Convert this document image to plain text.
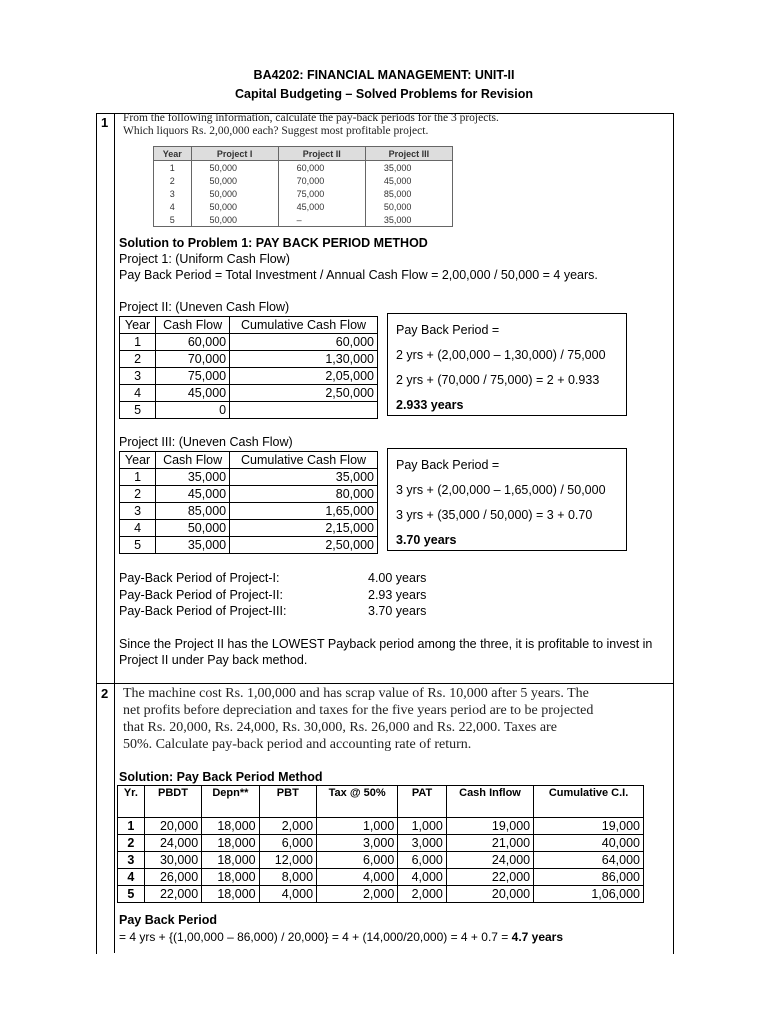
BA4202: FINANCIAL MANAGEMENT: UNIT-II
Capital Budgeting – Solved Problems for Revision
1
2
From the following information, calculate the pay-back periods for the 3 projects.
Which liquors Rs. 2,00,000 each? Suggest most profitable project.
Year	Project I	Project II	Project III
1	50,000	60,000	35,000
2	50,000	70,000	45,000
3	50,000	75,000	85,000
4	50,000	45,000	50,000
5	50,000	–	35,000
Solution to Problem 1: PAY BACK PERIOD METHOD
Project 1: (Uniform Cash Flow)
Pay Back Period = Total Investment / Annual Cash Flow = 2,00,000 / 50,000 = 4 years.
Project II: (Uneven Cash Flow)
Year	Cash Flow	Cumulative Cash Flow
1	60,000	60,000
2	70,000	1,30,000
3	75,000	2,05,000
4	45,000	2,50,000
5	0	
Pay Back Period =
2 yrs + (2,00,000 – 1,30,000) / 75,000
2 yrs + (70,000 / 75,000) = 2 + 0.933
2.933 years
Project III: (Uneven Cash Flow)
Year	Cash Flow	Cumulative Cash Flow
1	35,000	35,000
2	45,000	80,000
3	85,000	1,65,000
4	50,000	2,15,000
5	35,000	2,50,000
Pay Back Period =
3 yrs + (2,00,000 – 1,65,000) / 50,000
3 yrs + (35,000 / 50,000) = 3 + 0.70
3.70 years
Pay-Back Period of Project-I:	4.00 years
Pay-Back Period of Project-II:	2.93 years
Pay-Back Period of Project-III:	3.70 years
Since the Project II has the LOWEST Payback period among the three, it is profitable to invest in
Project II under Pay back method.
The machine cost Rs. 1,00,000 and has scrap value of Rs. 10,000 after 5 years. The
net profits before depreciation and taxes for the five years period are to be projected
that Rs. 20,000, Rs. 24,000, Rs. 30,000, Rs. 26,000 and Rs. 22,000. Taxes are
50%. Calculate pay-back period and accounting rate of return.
Solution: Pay Back Period Method
Yr.	PBDT	Depn**	PBT	Tax @ 50%	PAT	Cash Inflow	Cumulative C.I.
1	20,000	18,000	2,000	1,000	1,000	19,000	19,000
2	24,000	18,000	6,000	3,000	3,000	21,000	40,000
3	30,000	18,000	12,000	6,000	6,000	24,000	64,000
4	26,000	18,000	8,000	4,000	4,000	22,000	86,000
5	22,000	18,000	4,000	2,000	2,000	20,000	1,06,000
Pay Back Period
= 4 yrs + {(1,00,000 – 86,000) / 20,000} = 4 + (14,000/20,000) = 4 + 0.7 = 4.7 years
